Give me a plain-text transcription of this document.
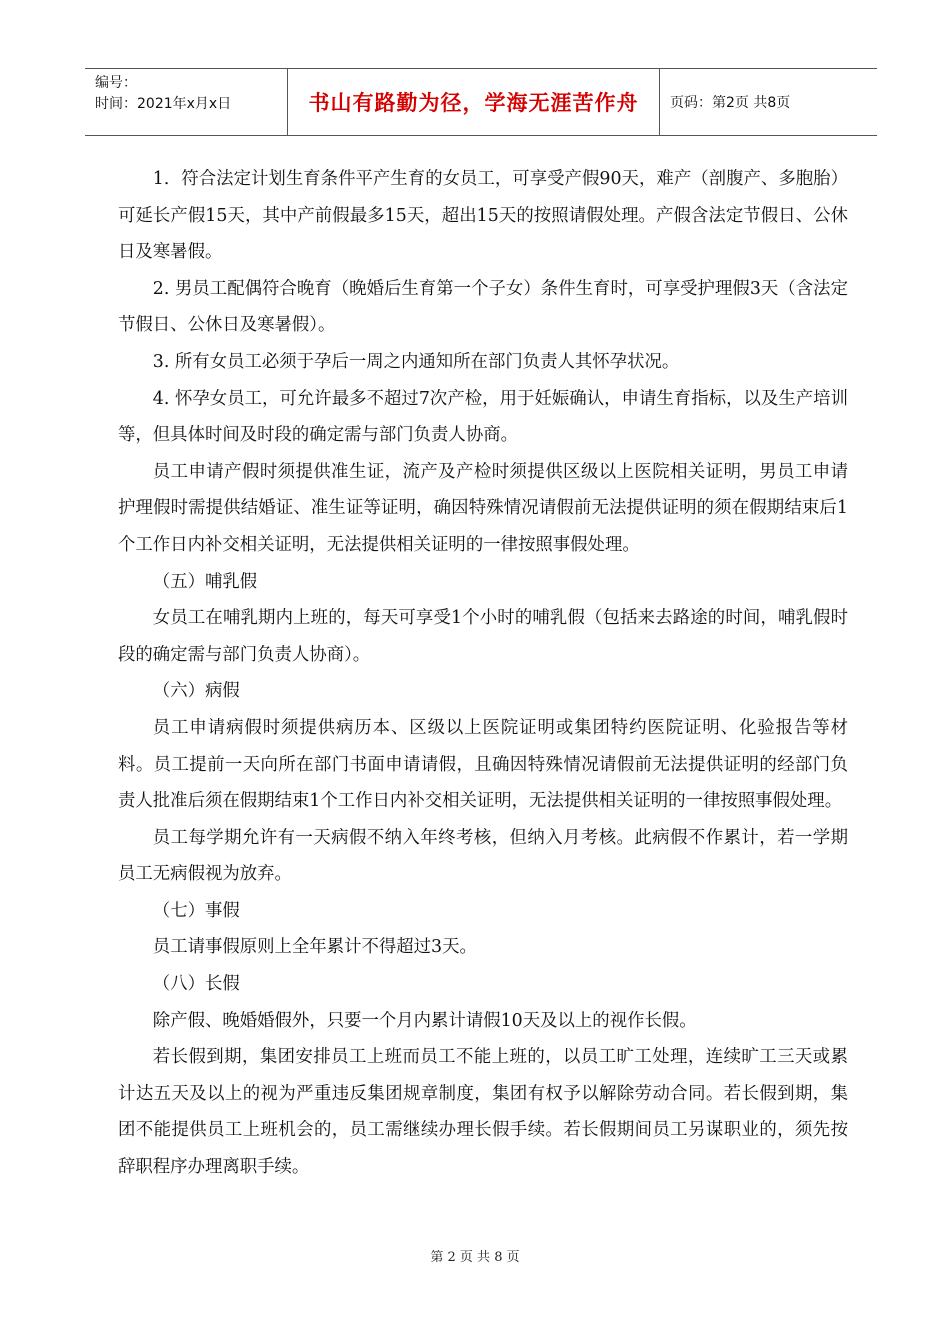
编号：
时间：2021年x月x日	书山有路勤为径，学海无涯苦作舟	页码：第2页 共8页

1．符合法定计划生育条件平产生育的女员工，可享受产假90天，难产（剖腹产、多胞胎）可延长产假15天，其中产前假最多15天，超出15天的按照请假处理。产假含法定节假日、公休日及寒暑假。

2. 男员工配偶符合晚育（晚婚后生育第一个子女）条件生育时，可享受护理假3天（含法定节假日、公休日及寒暑假）。

3. 所有女员工必须于孕后一周之内通知所在部门负责人其怀孕状况。

4. 怀孕女员工，可允许最多不超过7次产检，用于妊娠确认，申请生育指标，以及生产培训等，但具体时间及时段的确定需与部门负责人协商。

员工申请产假时须提供准生证，流产及产检时须提供区级以上医院相关证明，男员工申请护理假时需提供结婚证、准生证等证明，确因特殊情况请假前无法提供证明的须在假期结束后1个工作日内补交相关证明，无法提供相关证明的一律按照事假处理。

（五）哺乳假

女员工在哺乳期内上班的，每天可享受1个小时的哺乳假（包括来去路途的时间，哺乳假时段的确定需与部门负责人协商）。

（六）病假

员工申请病假时须提供病历本、区级以上医院证明或集团特约医院证明、化验报告等材料。员工提前一天向所在部门书面申请请假，且确因特殊情况请假前无法提供证明的经部门负责人批准后须在假期结束1个工作日内补交相关证明，无法提供相关证明的一律按照事假处理。

员工每学期允许有一天病假不纳入年终考核，但纳入月考核。此病假不作累计，若一学期员工无病假视为放弃。

（七）事假

员工请事假原则上全年累计不得超过3天。

（八）长假

除产假、晚婚婚假外，只要一个月内累计请假10天及以上的视作长假。

若长假到期，集团安排员工上班而员工不能上班的，以员工旷工处理，连续旷工三天或累计达五天及以上的视为严重违反集团规章制度，集团有权予以解除劳动合同。若长假到期，集团不能提供员工上班机会的，员工需继续办理长假手续。若长假期间员工另谋职业的，须先按辞职程序办理离职手续。

第 2 页 共 8 页
